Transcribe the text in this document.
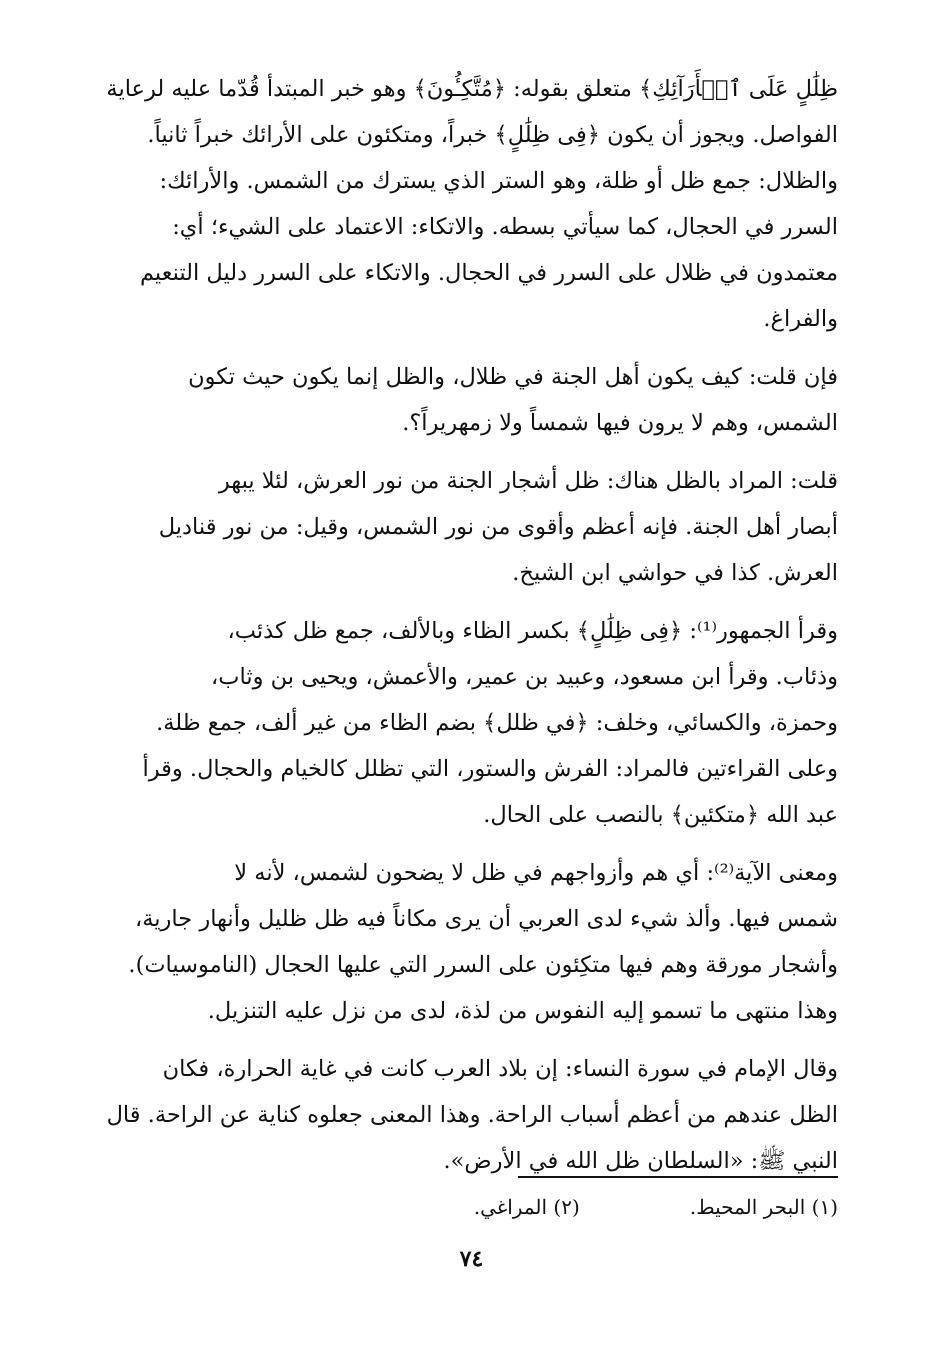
ظِلَٰلٍ عَلَى ٱلۡأَرَآئِكِ﴾ متعلق بقوله: ﴿مُتَّكِـُٔونَ﴾ وهو خبر المبتدأ قُدّما عليه لرعاية
الفواصل. ويجوز أن يكون ﴿فِى ظِلَٰلٍ﴾ خبراً، ومتكئون على الأرائك خبراً ثانياً.
والظلال: جمع ظل أو ظلة، وهو الستر الذي يسترك من الشمس. والأرائك:
السرر في الحجال، كما سيأتي بسطه. والاتكاء: الاعتماد على الشيء؛ أي:
معتمدون في ظلال على السرر في الحجال. والاتكاء على السرر دليل التنعيم
والفراغ.

فإن قلت: كيف يكون أهل الجنة في ظلال، والظل إنما يكون حيث تكون
الشمس، وهم لا يرون فيها شمساً ولا زمهريراً؟.

قلت: المراد بالظل هناك: ظل أشجار الجنة من نور العرش، لئلا يبهر
أبصار أهل الجنة. فإنه أعظم وأقوى من نور الشمس، وقيل: من نور قناديل
العرش. كذا في حواشي ابن الشيخ.

وقرأ الجمهور⁽¹⁾: ﴿فِى ظِلَٰلٍ﴾ بكسر الظاء وبالألف، جمع ظل كذئب،
وذئاب. وقرأ ابن مسعود، وعبيد بن عمير، والأعمش، ويحيى بن وثاب،
وحمزة، والكسائي، وخلف: ﴿في ظلل﴾ بضم الظاء من غير ألف، جمع ظلة.
وعلى القراءتين فالمراد: الفرش والستور، التي تظلل كالخيام والحجال. وقرأ
عبد الله ﴿متكئين﴾ بالنصب على الحال.

ومعنى الآية⁽²⁾: أي هم وأزواجهم في ظل لا يضحون لشمس، لأنه لا
شمس فيها. وألذ شيء لدى العربي أن يرى مكاناً فيه ظل ظليل وأنهار جارية،
وأشجار مورقة وهم فيها متكِئون على السرر التي عليها الحجال (الناموسيات).
وهذا منتهى ما تسمو إليه النفوس من لذة، لدى من نزل عليه التنزيل.

وقال الإمام في سورة النساء: إن بلاد العرب كانت في غاية الحرارة، فكان
الظل عندهم من أعظم أسباب الراحة. وهذا المعنى جعلوه كناية عن الراحة. قال
النبي ﷺ: «السلطان ظل الله في الأرض».

(١) البحر المحيط.
(٢) المراغي.
٧٤
